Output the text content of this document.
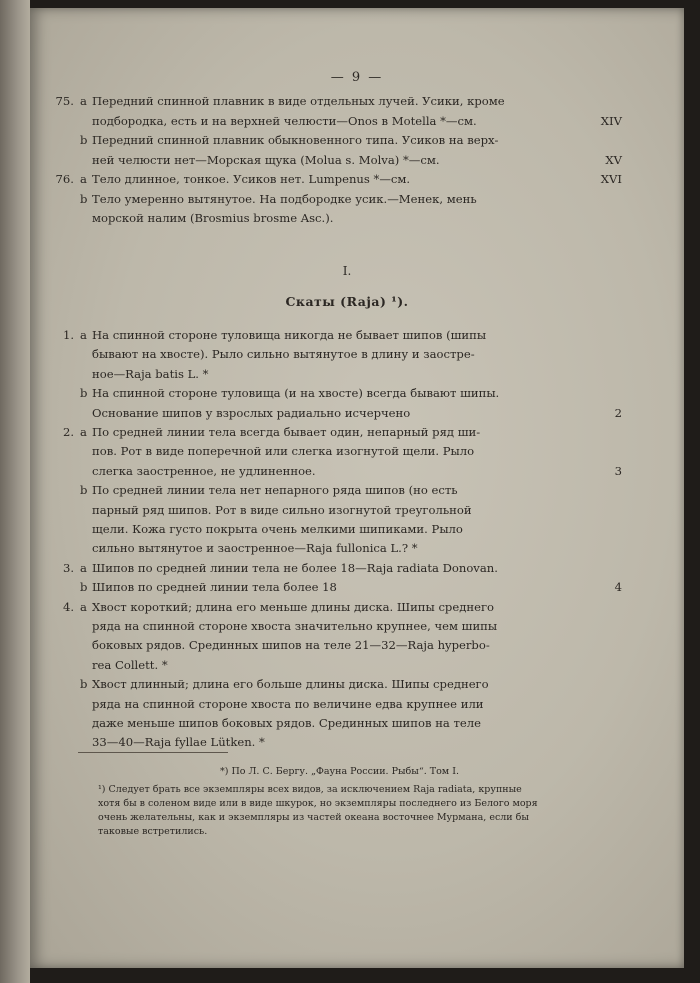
— 9 —
75. a Передний спинной плавник в виде отдельных лучей. Усики, кроме
подбородка, есть и на верхней челюсти—Onos в Motella *—см.	XIV
b Передний спинной плавник обыкновенного типа. Усиков на верх-
ней челюсти нет—Морская щука (Molua s. Molva) *—см.	XV
76. a Тело длинное, тонкое. Усиков нет. Lumpenus *—см.	XVI
b Тело умеренно вытянутое. На подбородке усик.—Менек, мень
морской налим (Brosmius brosme Asc.).
I.
Скаты (Raja) ¹).
1. a На спинной стороне туловища никогда не бывает шипов (шипы
бывают на хвосте). Рыло сильно вытянутое в длину и заостре-
ное—Raja batis L. *
b На спинной стороне туловища (и на хвосте) всегда бывают шипы.
Основание шипов у взрослых радиально исчерчено	2
2. a По средней линии тела всегда бывает один, непарный ряд ши-
пов. Рот в виде поперечной или слегка изогнутой щели. Рыло
слегка заостренное, не удлиненное.	3
b По средней линии тела нет непарного ряда шипов (но есть
парный ряд шипов. Рот в виде сильно изогнутой треугольной
щели. Кожа густо покрыта очень мелкими шипиками. Рыло
сильно вытянутое и заостренное—Raja fullonica L.? *
3. a Шипов по средней линии тела не более 18—Raja radiata Donovan.
b Шипов по средней линии тела более 18	4
4. a Хвост короткий; длина его меньше длины диска. Шипы среднего
ряда на спинной стороне хвоста значительно крупнее, чем шипы
боковых рядов. Срединных шипов на теле 21—32—Raja hyperbo-
rea Collett. *
b Хвост длинный; длина его больше длины диска. Шипы среднего
ряда на спинной стороне хвоста по величине едва крупнее или
даже меньше шипов боковых рядов. Срединных шипов на теле
33—40—Raja fyllae Lütken. *
*) По Л. С. Бергу. „Фауна России. Рыбы“. Том I.
¹) Следует брать все экземпляры всех видов, за исключением Raja radiata, крупные
хотя бы в соленом виде или в виде шкурок, но экземпляры последнего из Белого моря
очень желательны, как и экземпляры из частей океана восточнее Мурмана, если бы
таковые встретились.
